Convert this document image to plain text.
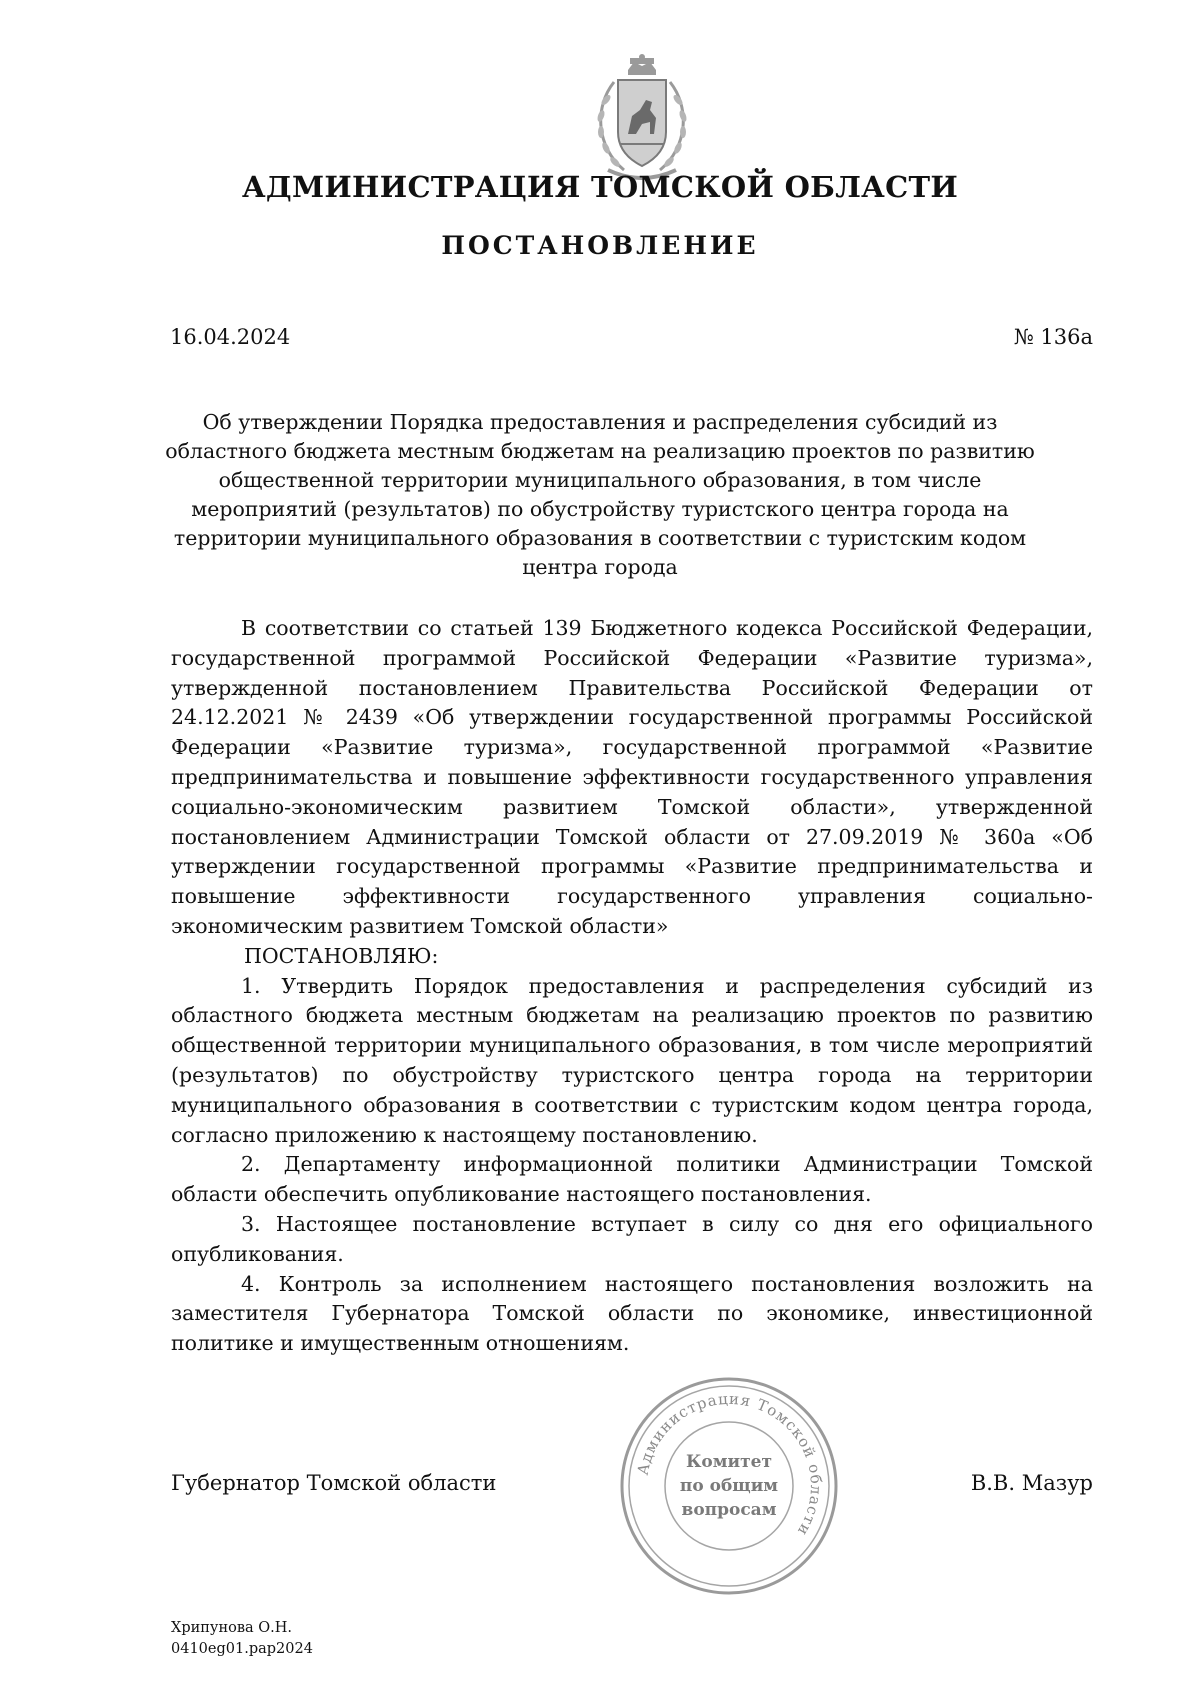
АДМИНИСТРАЦИЯ ТОМСКОЙ ОБЛАСТИ
ПОСТАНОВЛЕНИЕ
16.04.2024	№ 136а
Об утверждении Порядка предоставления и распределения субсидий из областного бюджета местным бюджетам на реализацию проектов по развитию общественной территории муниципального образования, в том числе мероприятий (результатов) по обустройству туристского центра города на территории муниципального образования в соответствии с туристским кодом центра города

В соответствии со статьей 139 Бюджетного кодекса Российской Федерации, государственной программой Российской Федерации «Развитие туризма», утвержденной постановлением Правительства Российской Федерации от 24.12.2021 № 2439 «Об утверждении государственной программы Российской Федерации «Развитие туризма», государственной программой «Развитие предпринимательства и повышение эффективности государственного управления социально-экономическим развитием Томской области», утвержденной постановлением Администрации Томской области от 27.09.2019 № 360а «Об утверждении государственной программы «Развитие предпринимательства и повышение эффективности государственного управления социально-экономическим развитием Томской области»

ПОСТАНОВЛЯЮ:

1. Утвердить Порядок предоставления и распределения субсидий из областного бюджета местным бюджетам на реализацию проектов по развитию общественной территории муниципального образования, в том числе мероприятий (результатов) по обустройству туристского центра города на территории муниципального образования в соответствии с туристским кодом центра города, согласно приложению к настоящему постановлению.

2. Департаменту информационной политики Администрации Томской области обеспечить опубликование настоящего постановления.

3. Настоящее постановление вступает в силу со дня его официального опубликования.

4. Контроль за исполнением настоящего постановления возложить на заместителя Губернатора Томской области по экономике, инвестиционной политике и имущественным отношениям.

Администрация Томской области
Комитет
по общим
вопросам
Губернатор Томской области	В.В. Мазур
Хрипунова О.Н.
0410eg01.pap2024
